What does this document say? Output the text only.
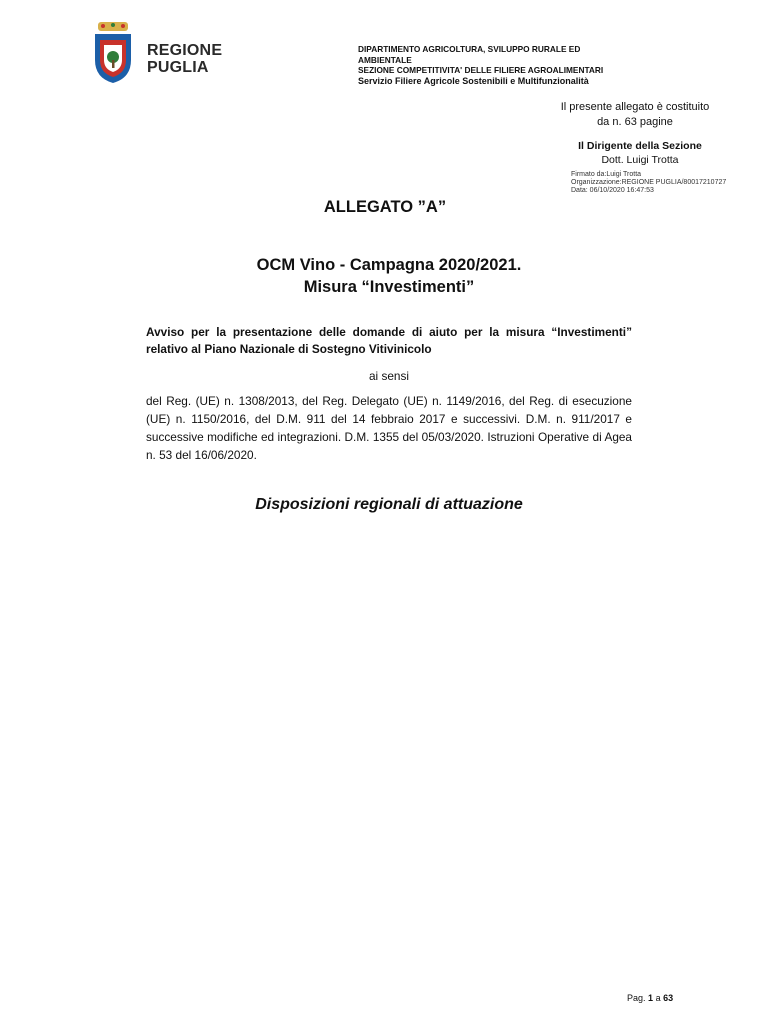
REGIONE
PUGLIA
DIPARTIMENTO AGRICOLTURA, SVILUPPO RURALE ED
AMBIENTALE
SEZIONE COMPETITIVITA' DELLE FILIERE AGROALIMENTARI
Servizio Filiere Agricole Sostenibili e Multifunzionalità
Il presente allegato è costituito
da n. 63 pagine
Il Dirigente della Sezione
Dott. Luigi Trotta
Firmato da:Luigi Trotta
Organizzazione:REGIONE PUGLIA/80017210727
Data: 06/10/2020 16:47:53
ALLEGATO ”A”
OCM Vino - Campagna 2020/2021.
Misura “Investimenti”
Avviso per la presentazione delle domande di aiuto per la misura “Investimenti” relativo al Piano Nazionale di Sostegno Vitivinicolo
ai sensi
del Reg. (UE) n. 1308/2013, del Reg. Delegato (UE) n. 1149/2016, del Reg. di esecuzione (UE) n. 1150/2016, del D.M. 911 del 14 febbraio 2017 e successivi. D.M. n. 911/2017 e successive modifiche ed integrazioni. D.M. 1355 del 05/03/2020. Istruzioni Operative di Agea n. 53 del 16/06/2020.
Disposizioni regionali di attuazione
Pag. 1 a 63
